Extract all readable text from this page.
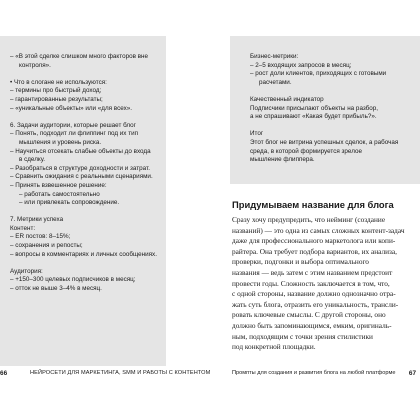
– «В этой сделке слишком много факторов вне

контроля».

• Что в слогане не используются:

– термины про быстрый доход;

– гарантированные результаты;

– «уникальные объекты» или «для всех».

6. Задачи аудитории, которые решает блог

– Понять, подходит ли флиппинг под их тип

мышления и уровень риска.

– Научиться отсекать слабые объекты до входа

в сделку.

– Разобраться в структуре доходности и затрат.

– Сравнить ожидания с реальными сценариями.

– Принять взвешенное решение:

– работать самостоятельно

– или привлекать сопровождение.

7. Метрики успеха

Контент:

– ER постов: 8–15%;

– сохранения и репосты;

– вопросы в комментариях и личных сообщениях.

Аудитория:

– +150–300 целевых подписчиков в месяц;

– отток не выше 3–4% в месяц.

66	НЕЙРОСЕТИ ДЛЯ МАРКЕТИНГА, SMM И РАБОТЫ С КОНТЕНТОМ

Бизнес-метрики:

– 2–5 входящих запросов в месяц;

– рост доли клиентов, приходящих с готовыми

расчетами.

Качественный индикатор

Подписчики присылают объекты на разбор,

а не спрашивают «Какая будет прибыль?».

Итог

Этот блог не витрина успешных сделок, а рабочая

среда, в которой формируется зрелое

мышление флиппера.

Придумываем название для блога

Сразу хочу предупредить, что нейминг (создание

названий) — это одна из самых сложных контент-задач

даже для профессионального маркетолога или копи-

райтера. Она требует подбора вариантов, их анализа,

проверки, подгонки и выбора оптимального

названия — ведь затем с этим названием предстоит

провести годы. Сложность заключается в том, что,

с одной стороны, название должно однозначно отра-

жать суть блога, отразить его уникальность, трансли-

ровать ключевые смыслы. С другой стороны, оно

должно быть запоминающимся, емким, оригиналь-

ным, подходящим с точки зрения стилистики

под конкретной площадки.

Промпты для создания и развития блога на любой платформе 67
